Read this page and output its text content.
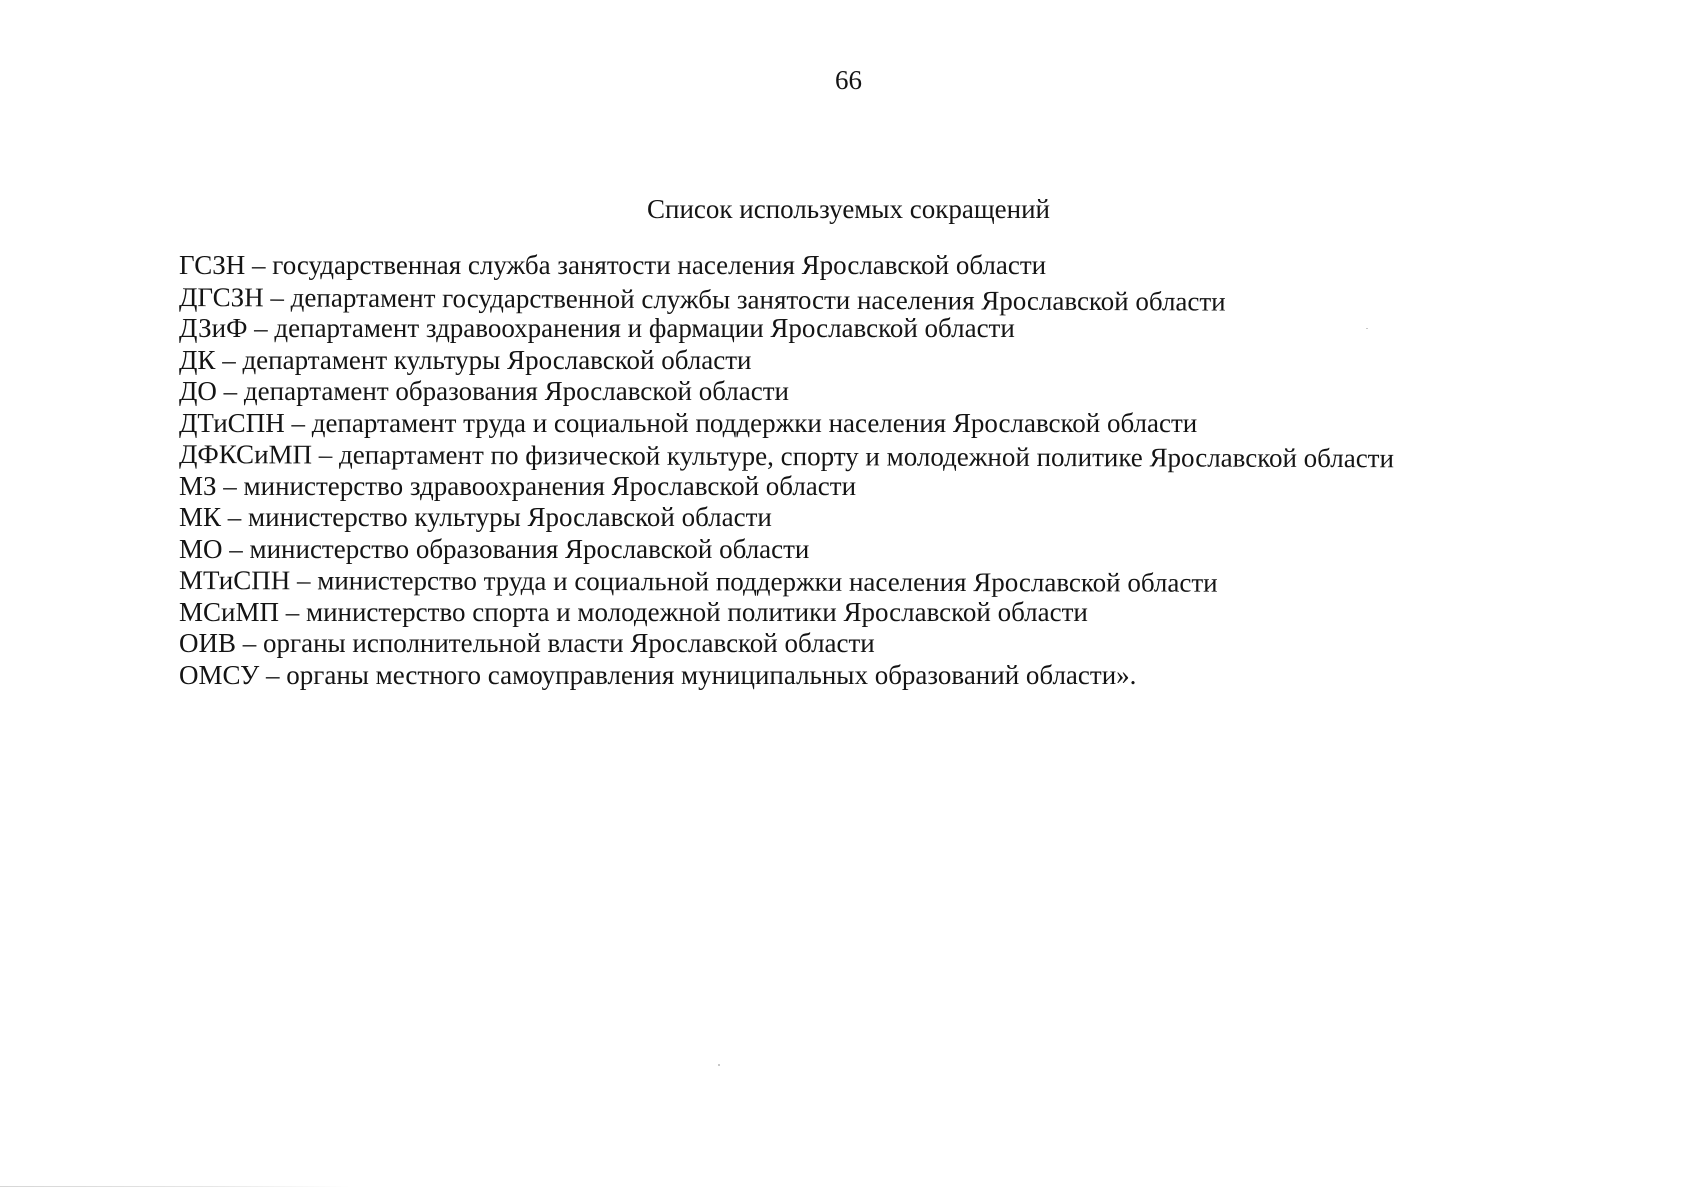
66
Список используемых сокращений
ГСЗН – государственная служба занятости населения Ярославской области
ДГСЗН – департамент государственной службы занятости населения Ярославской области
ДЗиФ – департамент здравоохранения и фармации Ярославской области
ДК – департамент культуры Ярославской области
ДО – департамент образования Ярославской области
ДТиСПН – департамент труда и социальной поддержки населения Ярославской области
ДФКСиМП – департамент по физической культуре, спорту и молодежной политике Ярославской области
МЗ – министерство здравоохранения Ярославской области
МК – министерство культуры Ярославской области
МО – министерство образования Ярославской области
МТиСПН – министерство труда и социальной поддержки населения Ярославской области
МСиМП – министерство спорта и молодежной политики Ярославской области
ОИВ – органы исполнительной власти Ярославской области
ОМСУ – органы местного самоуправления муниципальных образований области».
